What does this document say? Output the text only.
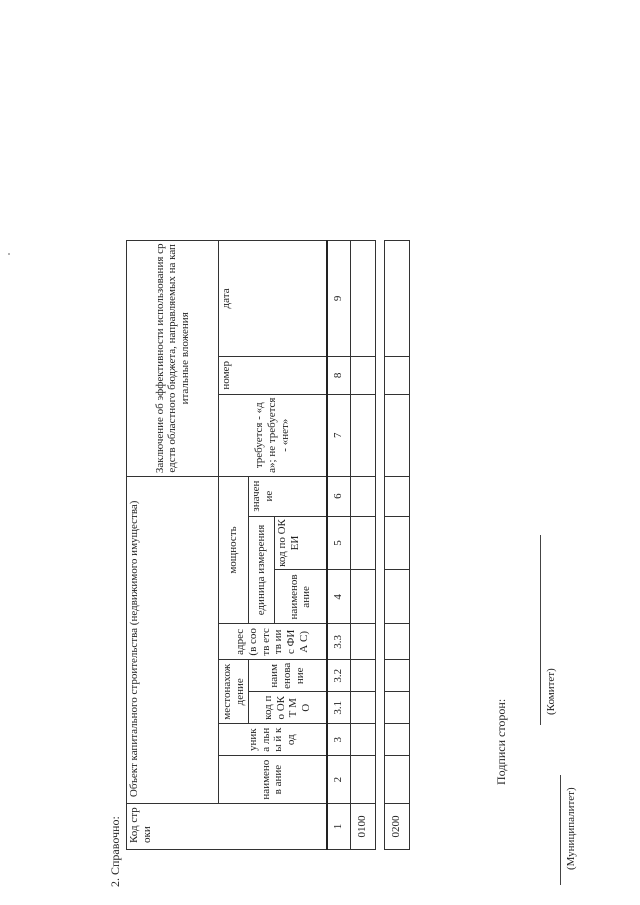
2. Справочно: Код строки	Объект капитального строительства (недвижимого имущества)								Заключение об эффективности использования средств областного бюджета, направляемых на капитальные вложения		
	наименов ание	уника льны й код	местонахож дение		адрес (в соотв етств ии с ФИА С)	мощность			требуется - «да»; не требуется - «нет»	номер	дата
			код по ОКТ МО	наим енова ние		единица измерения		значен ие			
						наименов ание	код по ОКЕИ				
1	2	3	3.1	3.2	3.3	4	5	6	7	8	9
0100											

0200											
Подписи сторон:
(Муниципалитет)
(Комитет)
